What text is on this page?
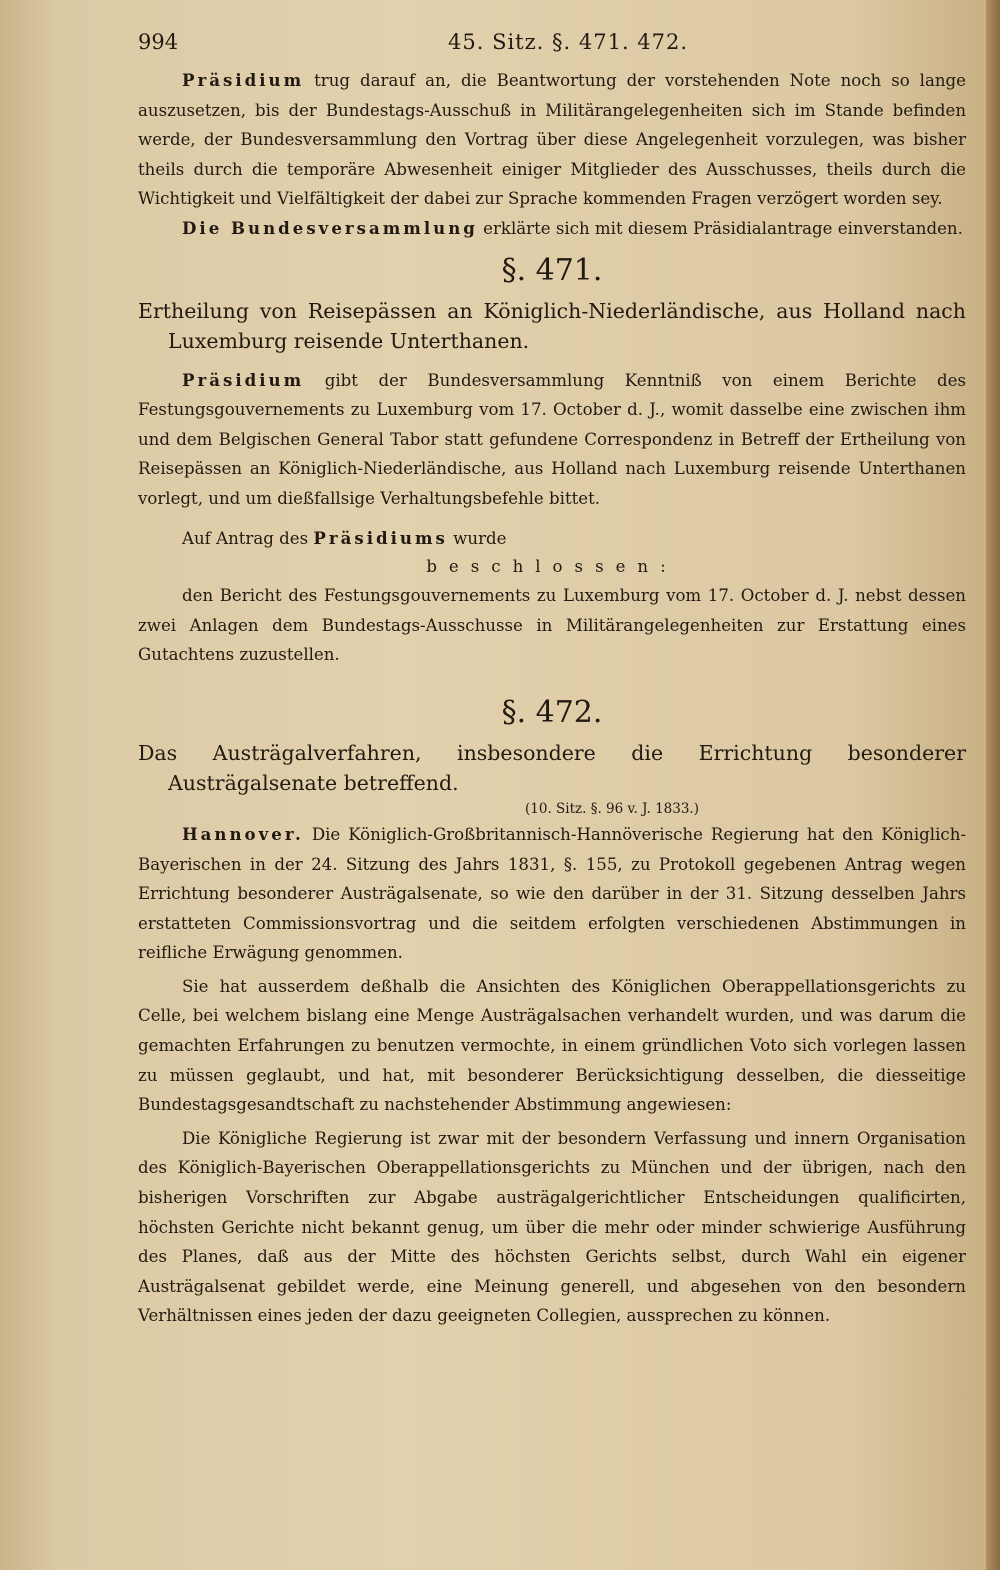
994	45. Sitz. §. 471. 472.

Präsidium trug darauf an, die Beantwortung der vorstehenden Note noch so lange auszusetzen, bis der Bundestags-Ausschuß in Militärangelegenheiten sich im Stande befinden werde, der Bundesversammlung den Vortrag über diese Angelegenheit vorzulegen, was bisher theils durch die temporäre Abwesenheit einiger Mitglieder des Ausschusses, theils durch die Wichtigkeit und Vielfältigkeit der dabei zur Sprache kommenden Fragen verzögert worden sey.

Die Bundesversammlung erklärte sich mit diesem Präsidialantrage einverstanden.

§. 471.

Ertheilung von Reisepässen an Königlich-Niederländische, aus Holland nach Luxemburg reisende Unterthanen.

Präsidium gibt der Bundesversammlung Kenntniß von einem Berichte des Festungsgouvernements zu Luxemburg vom 17. October d. J., womit dasselbe eine zwischen ihm und dem Belgischen General Tabor statt gefundene Correspondenz in Betreff der Ertheilung von Reisepässen an Königlich-Niederländische, aus Holland nach Luxemburg reisende Unterthanen vorlegt, und um dießfallsige Verhaltungsbefehle bittet.

Auf Antrag des Präsidiums wurde

beschlossen:

den Bericht des Festungsgouvernements zu Luxemburg vom 17. October d. J. nebst dessen zwei Anlagen dem Bundestags-Ausschusse in Militärangelegenheiten zur Erstattung eines Gutachtens zuzustellen.

§. 472.

Das Austrägalverfahren, insbesondere die Errichtung besonderer Austrägalsenate betreffend.

(10. Sitz. §. 96 v. J. 1833.)

Hannover. Die Königlich-Großbritannisch-Hannöverische Regierung hat den Königlich-Bayerischen in der 24. Sitzung des Jahrs 1831, §. 155, zu Protokoll gegebenen Antrag wegen Errichtung besonderer Austrägalsenate, so wie den darüber in der 31. Sitzung desselben Jahrs erstatteten Commissionsvortrag und die seitdem erfolgten verschiedenen Abstimmungen in reifliche Erwägung genommen.

Sie hat ausserdem deßhalb die Ansichten des Königlichen Oberappellationsgerichts zu Celle, bei welchem bislang eine Menge Austrägalsachen verhandelt wurden, und was darum die gemachten Erfahrungen zu benutzen vermochte, in einem gründlichen Voto sich vorlegen lassen zu müssen geglaubt, und hat, mit besonderer Berücksichtigung desselben, die diesseitige Bundestagsgesandtschaft zu nachstehender Abstimmung angewiesen:

Die Königliche Regierung ist zwar mit der besondern Verfassung und innern Organisation des Königlich-Bayerischen Oberappellationsgerichts zu München und der übrigen, nach den bisherigen Vorschriften zur Abgabe austrägalgerichtlicher Entscheidungen qualificirten, höchsten Gerichte nicht bekannt genug, um über die mehr oder minder schwierige Ausführung des Planes, daß aus der Mitte des höchsten Gerichts selbst, durch Wahl ein eigener Austrägalsenat gebildet werde, eine Meinung generell, und abgesehen von den besondern Verhältnissen eines jeden der dazu geeigneten Collegien, aussprechen zu können.
